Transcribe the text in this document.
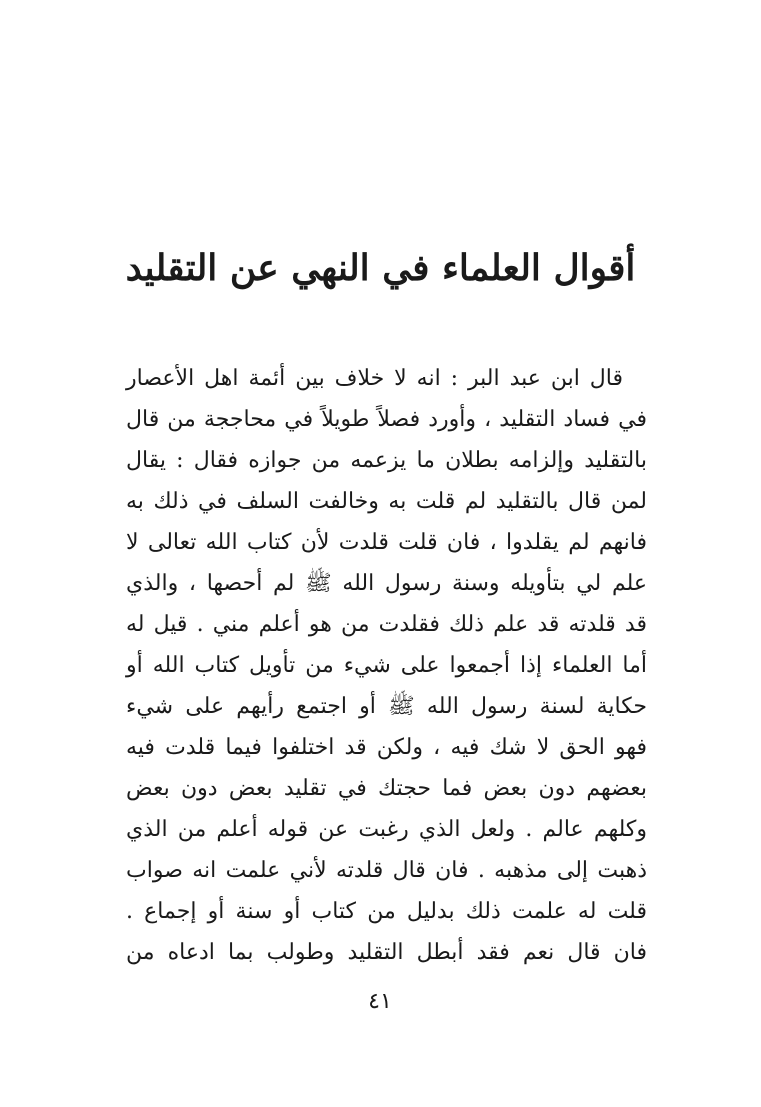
أقوال العلماء في النهي عن التقليد
قال ابن عبد البر : انه لا خلاف بين أئمة اهل الأعصار
في فساد التقليد ، وأورد فصلاً طويلاً في محاججة من قال
بالتقليد وإلزامه بطلان ما يزعمه من جوازه فقال : يقال
لمن قال بالتقليد لم قلت به وخالفت السلف في ذلك به
فانهم لم يقلدوا ، فان قلت قلدت لأن كتاب الله تعالى لا
علم لي بتأويله وسنة رسول الله ﷺ لم أحصها ، والذي
قد قلدته قد علم ذلك فقلدت من هو أعلم مني . قيل له
أما العلماء إذا أجمعوا على شيء من تأويل كتاب الله أو
حكاية لسنة رسول الله ﷺ أو اجتمع رأيهم على شيء
فهو الحق لا شك فيه ، ولكن قد اختلفوا فيما قلدت فيه
بعضهم دون بعض فما حجتك في تقليد بعض دون بعض
وكلهم عالم . ولعل الذي رغبت عن قوله أعلم من الذي
ذهبت إلى مذهبه . فان قال قلدته لأني علمت انه صواب
قلت له علمت ذلك بدليل من كتاب أو سنة أو إجماع .
فان قال نعم فقد أبطل التقليد وطولب بما ادعاه من
٤١
